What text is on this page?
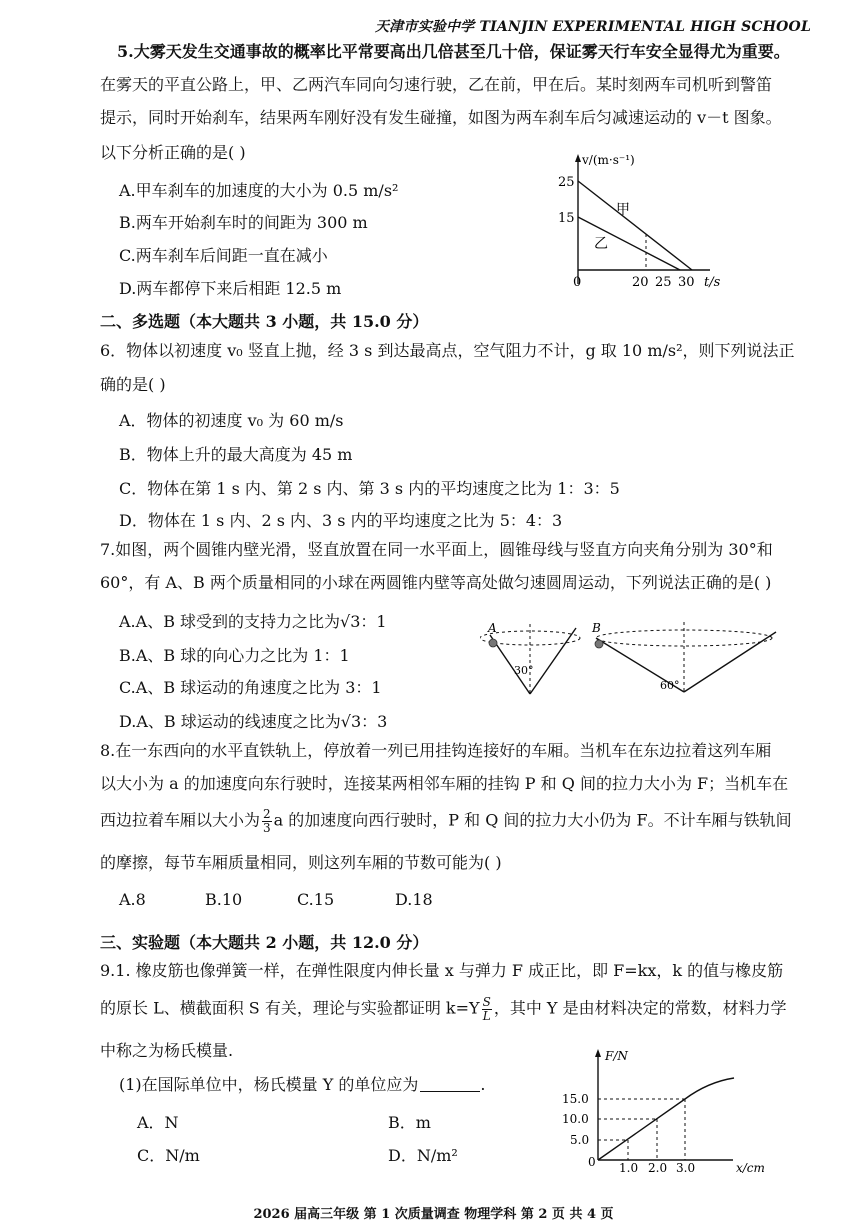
天津市实验中学 TIANJIN EXPERIMENTAL HIGH SCHOOL
5.大雾天发生交通事故的概率比平常要高出几倍甚至几十倍，保证雾天行车安全显得尤为重要。
在雾天的平直公路上，甲、乙两汽车同向匀速行驶，乙在前，甲在后。某时刻两车司机听到警笛
提示，同时开始刹车，结果两车刚好没有发生碰撞，如图为两车刹车后匀减速运动的 v－t 图象。
以下分析正确的是( )
A.甲车刹车的加速度的大小为 0.5 m/s²
B.两车开始刹车时的间距为 300 m
C.两车刹车后间距一直在减小
D.两车都停下来后相距 12.5 m
v/(m·s⁻¹)
25
15
0	20 25 30 t/s
甲
乙
二、多选题（本大题共 3 小题，共 15.0 分）
6．物体以初速度 v₀ 竖直上抛，经 3 s 到达最高点，空气阻力不计，g 取 10 m/s²，则下列说法正
确的是( )
A．物体的初速度 v₀ 为 60 m/s
B．物体上升的最大高度为 45 m
C．物体在第 1 s 内、第 2 s 内、第 3 s 内的平均速度之比为 1：3：5
D．物体在 1 s 内、2 s 内、3 s 内的平均速度之比为 5：4：3
7.如图，两个圆锥内壁光滑，竖直放置在同一水平面上，圆锥母线与竖直方向夹角分别为 30°和
60°，有 A、B 两个质量相同的小球在两圆锥内壁等高处做匀速圆周运动，下列说法正确的是( )
A.A、B 球受到的支持力之比为√3：1
B.A、B 球的向心力之比为 1：1
C.A、B 球运动的角速度之比为 3：1
D.A、B 球运动的线速度之比为√3：3
A
30°
B
60°
8.在一东西向的水平直铁轨上，停放着一列已用挂钩连接好的车厢。当机车在东边拉着这列车厢
以大小为 a 的加速度向东行驶时，连接某两相邻车厢的挂钩 P 和 Q 间的拉力大小为 F；当机车在
西边拉着车厢以大小为 $\frac{2}{3}$ a 的加速度向西行驶时，P 和 Q 间的拉力大小仍为 F。不计车厢与铁轨间
的摩擦，每节车厢质量相同，则这列车厢的节数可能为( )
A.8	B.10	C.15	D.18
三、实验题（本大题共 2 小题，共 12.0 分）
9.1. 橡皮筋也像弹簧一样，在弹性限度内伸长量 x 与弹力 F 成正比，即 F=kx，k 的值与橡皮筋
的原长 L、横截面积 S 有关，理论与实验都证明 $k=Y \frac{S}{L}$ ，其中 Y 是由材料决定的常数，材料力学
中称之为杨氏模量.
(1)在国际单位中，杨氏模量 Y 的单位应为	.
A．N	B．m
C．N/m	D．N/m²
F/N
15.0
10.0
5.0
0 1.0 2.0 3.0	x/cm
2026 届高三年级 第 1 次质量调查 物理学科 第 2 页 共 4 页
